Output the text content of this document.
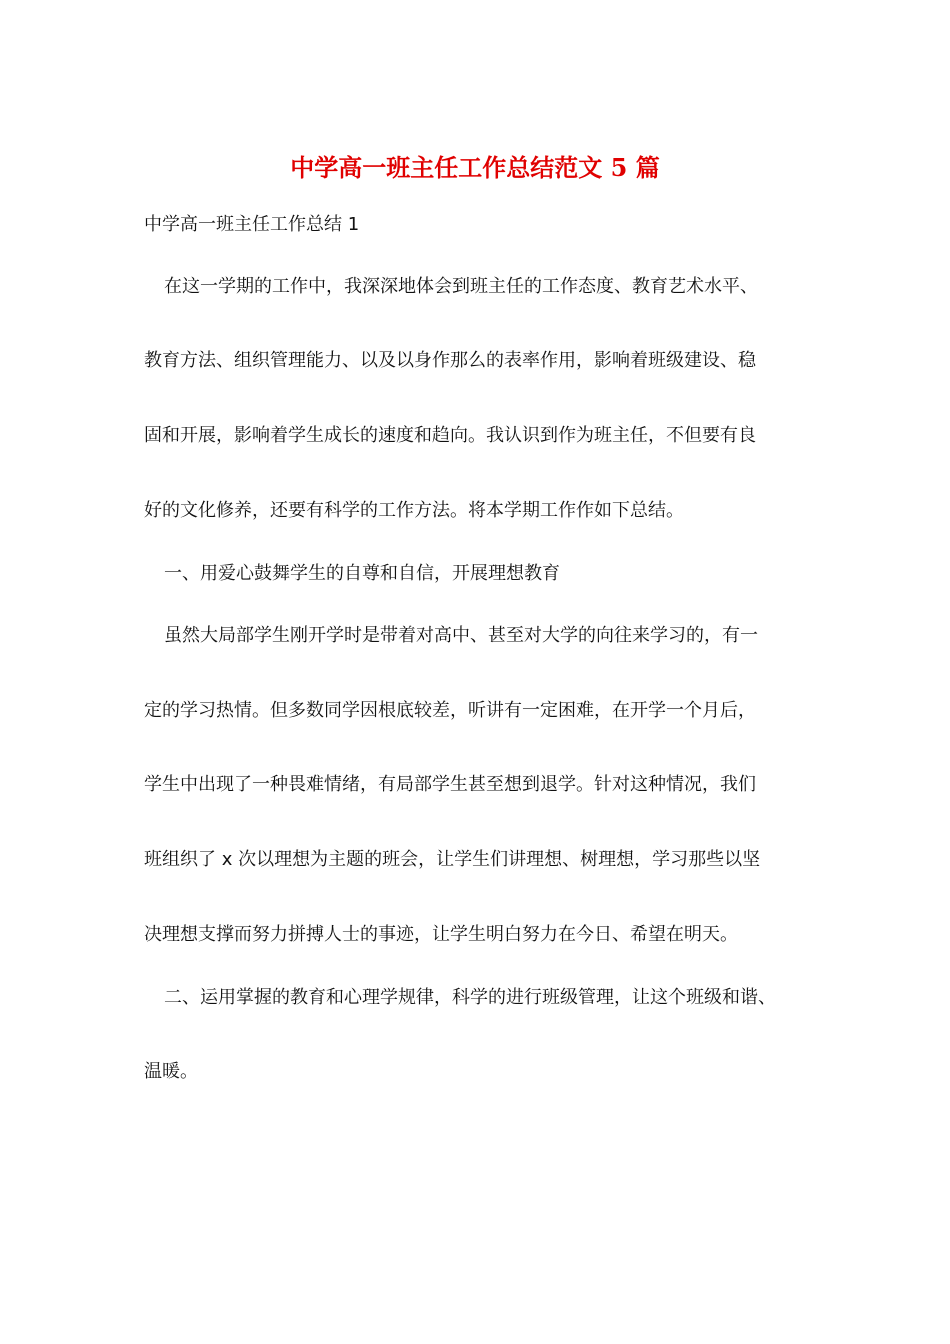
中学高一班主任工作总结范文 5 篇
中学高一班主任工作总结 1
在这一学期的工作中，我深深地体会到班主任的工作态度、教育艺术水平、
教育方法、组织管理能力、以及以身作那么的表率作用，影响着班级建设、稳
固和开展，影响着学生成长的速度和趋向。我认识到作为班主任，不但要有良
好的文化修养，还要有科学的工作方法。将本学期工作作如下总结。
一、用爱心鼓舞学生的自尊和自信，开展理想教育
虽然大局部学生刚开学时是带着对高中、甚至对大学的向往来学习的，有一
定的学习热情。但多数同学因根底较差，听讲有一定困难，在开学一个月后，
学生中出现了一种畏难情绪，有局部学生甚至想到退学。针对这种情况，我们
班组织了 x 次以理想为主题的班会，让学生们讲理想、树理想，学习那些以坚
决理想支撑而努力拼搏人士的事迹，让学生明白努力在今日、希望在明天。
二、运用掌握的教育和心理学规律，科学的进行班级管理，让这个班级和谐、
温暖。
